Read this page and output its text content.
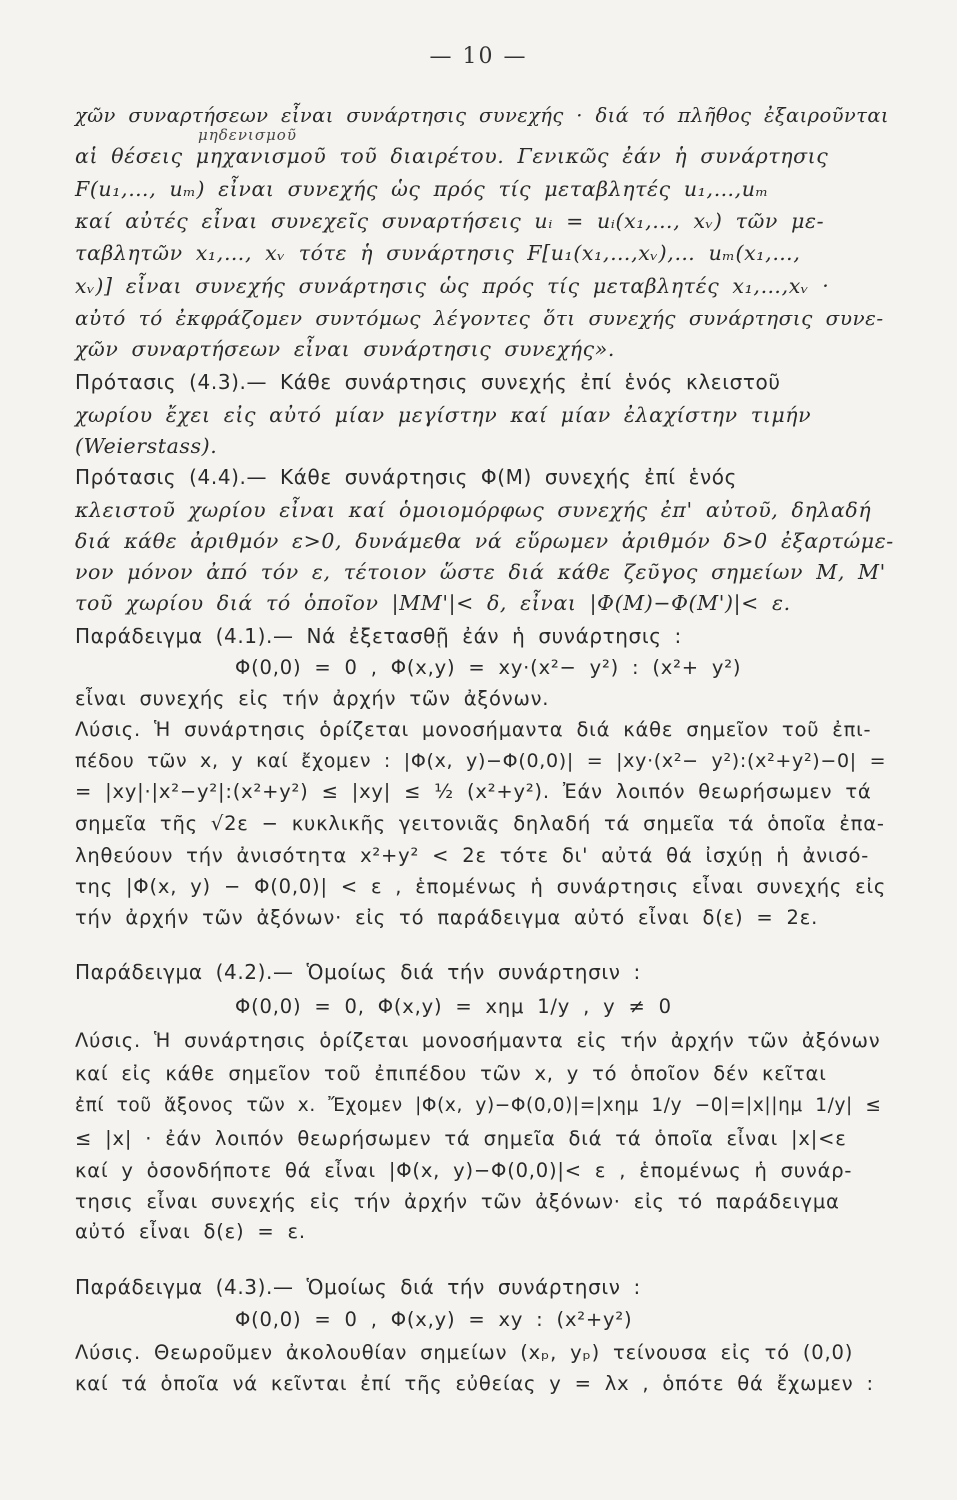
— 10 —
μηδενισμοῦ
χῶν συναρτήσεων εἶναι συνάρτησις συνεχής · διά τό πλῆθος ἐξαιροῦνται
αἱ θέσεις μηχανισμοῦ τοῦ διαιρέτου. Γενικῶς ἐάν ἡ συνάρτησις
F(u₁,…, uₘ) εἶναι συνεχής ὡς πρός τίς μεταβλητές u₁,…,uₘ
καί αὐτές εἶναι συνεχεῖς συναρτήσεις uᵢ = uᵢ(x₁,…, xᵥ) τῶν με-
ταβλητῶν x₁,…, xᵥ τότε ἡ συνάρτησις F[u₁(x₁,…,xᵥ),… uₘ(x₁,…,
xᵥ)] εἶναι συνεχής συνάρτησις ὡς πρός τίς μεταβλητές x₁,…,xᵥ ·
αὐτό τό ἐκφράζομεν συντόμως λέγοντες ὅτι συνεχής συνάρτησις συνε-
χῶν συναρτήσεων εἶναι συνάρτησις συνεχής».
Πρότασις (4.3).— Κάθε συνάρτησις συνεχής ἐπί ἑνός κλειστοῦ
χωρίου ἔχει εἰς αὐτό μίαν μεγίστην καί μίαν ἐλαχίστην τιμήν
(Weierstass).
Πρότασις (4.4).— Κάθε συνάρτησις Φ(M) συνεχής ἐπί ἑνός
κλειστοῦ χωρίου εἶναι καί ὁμοιομόρφως συνεχής ἐπ' αὐτοῦ, δηλαδή
διά κάθε ἀριθμόν ε>0, δυνάμεθα νά εὕρωμεν ἀριθμόν δ>0 ἐξαρτώμε-
νον μόνον ἀπό τόν ε, τέτοιον ὥστε διά κάθε ζεῦγος σημείων M, M'
τοῦ χωρίου διά τό ὁποῖον |MM'|< δ, εἶναι |Φ(M)−Φ(M')|< ε.
Παράδειγμα (4.1).— Νά ἐξετασθῇ ἐάν ἡ συνάρτησις :
Φ(0,0) = 0 , Φ(x,y) = xy·(x²− y²) : (x²+ y²)
εἶναι συνεχής εἰς τήν ἀρχήν τῶν ἀξόνων.
Λύσις. Ἡ συνάρτησις ὁρίζεται μονοσήμαντα διά κάθε σημεῖον τοῦ ἐπι-
πέδου τῶν x, y καί ἔχομεν : |Φ(x, y)−Φ(0,0)| = |xy·(x²− y²):(x²+y²)−0| =
= |xy|·|x²−y²|:(x²+y²) ≤ |xy| ≤ ½ (x²+y²). Ἐάν λοιπόν θεωρήσωμεν τά
σημεῖα τῆς √2ε − κυκλικῆς γειτονιᾶς δηλαδή τά σημεῖα τά ὁποῖα ἐπα-
ληθεύουν τήν ἀνισότητα x²+y² < 2ε τότε δι' αὐτά θά ἰσχύῃ ἡ ἀνισό-
της |Φ(x, y) − Φ(0,0)| < ε , ἑπομένως ἡ συνάρτησις εἶναι συνεχής εἰς
τήν ἀρχήν τῶν ἀξόνων· εἰς τό παράδειγμα αὐτό εἶναι δ(ε) = 2ε.
Παράδειγμα (4.2).— Ὁμοίως διά τήν συνάρτησιν :
Φ(0,0) = 0, Φ(x,y) = xημ 1/y , y ≠ 0
Λύσις. Ἡ συνάρτησις ὁρίζεται μονοσήμαντα εἰς τήν ἀρχήν τῶν ἀξόνων
καί εἰς κάθε σημεῖον τοῦ ἐπιπέδου τῶν x, y τό ὁποῖον δέν κεῖται
ἐπί τοῦ ἄξονος τῶν x. Ἔχομεν |Φ(x, y)−Φ(0,0)|=|xημ 1/y −0|=|x||ημ 1/y| ≤
≤ |x| · ἐάν λοιπόν θεωρήσωμεν τά σημεῖα διά τά ὁποῖα εἶναι |x|<ε
καί y ὁσονδήποτε θά εἶναι |Φ(x, y)−Φ(0,0)|< ε , ἑπομένως ἡ συνάρ-
τησις εἶναι συνεχής εἰς τήν ἀρχήν τῶν ἀξόνων· εἰς τό παράδειγμα
αὐτό εἶναι δ(ε) = ε.
Παράδειγμα (4.3).— Ὁμοίως διά τήν συνάρτησιν :
Φ(0,0) = 0 , Φ(x,y) = xy : (x²+y²)
Λύσις. Θεωροῦμεν ἀκολουθίαν σημείων (xₚ, yₚ) τείνουσα εἰς τό (0,0)
καί τά ὁποῖα νά κεῖνται ἐπί τῆς εὐθείας y = λx , ὁπότε θά ἔχωμεν :
